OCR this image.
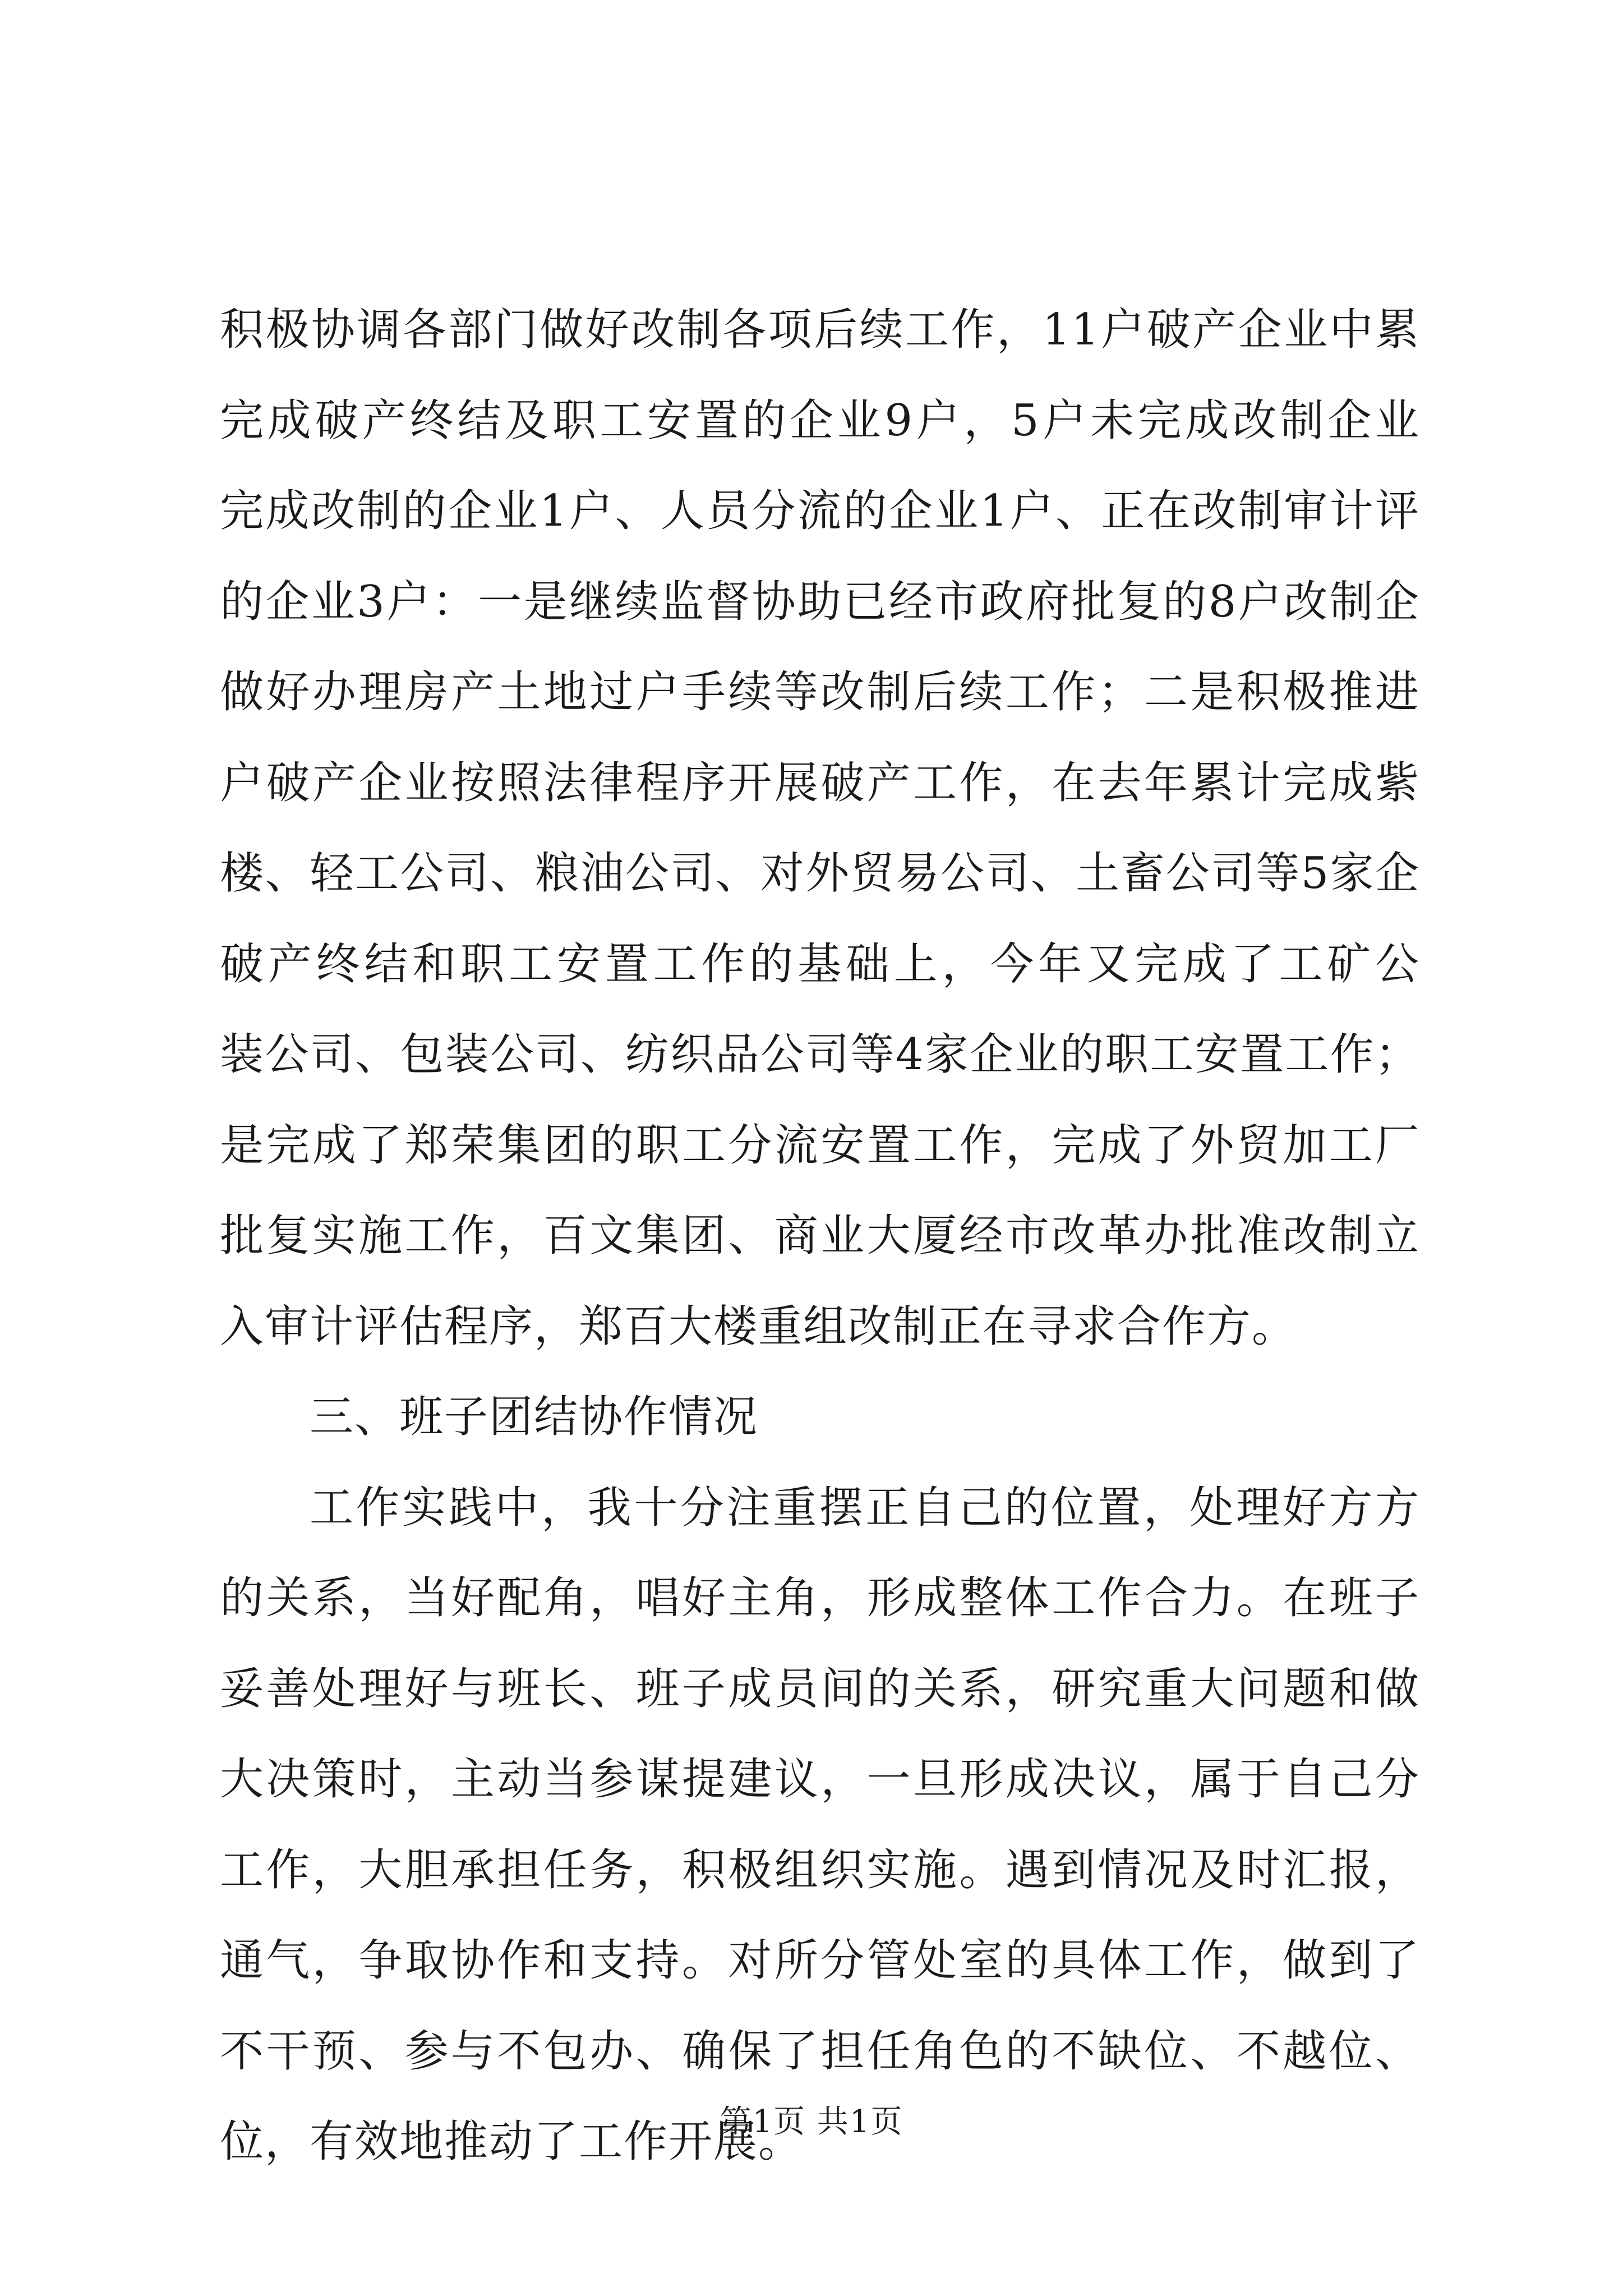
积极协调各部门做好改制各项后续工作，11户破产企业中累
完成破产终结及职工安置的企业9户，5户未完成改制企业
完成改制的企业1户、人员分流的企业1户、正在改制审计评
的企业3户：一是继续监督协助已经市政府批复的8户改制企
做好办理房产土地过户手续等改制后续工作；二是积极推进
户破产企业按照法律程序开展破产工作，在去年累计完成紫
楼、轻工公司、粮油公司、对外贸易公司、土畜公司等5家企
破产终结和职工安置工作的基础上，今年又完成了工矿公
装公司、包装公司、纺织品公司等4家企业的职工安置工作；
是完成了郑荣集团的职工分流安置工作，完成了外贸加工厂
批复实施工作，百文集团、商业大厦经市改革办批准改制立
入审计评估程序，郑百大楼重组改制正在寻求合作方。
三、班子团结协作情况
工作实践中，我十分注重摆正自己的位置，处理好方方
的关系，当好配角，唱好主角，形成整体工作合力。在班子
妥善处理好与班长、班子成员间的关系，研究重大问题和做
大决策时，主动当参谋提建议，一旦形成决议，属于自己分
工作，大胆承担任务，积极组织实施。遇到情况及时汇报，
通气，争取协作和支持。对所分管处室的具体工作，做到了
不干预、参与不包办、确保了担任角色的不缺位、不越位、
位，有效地推动了工作开展。
第1页 共1页
